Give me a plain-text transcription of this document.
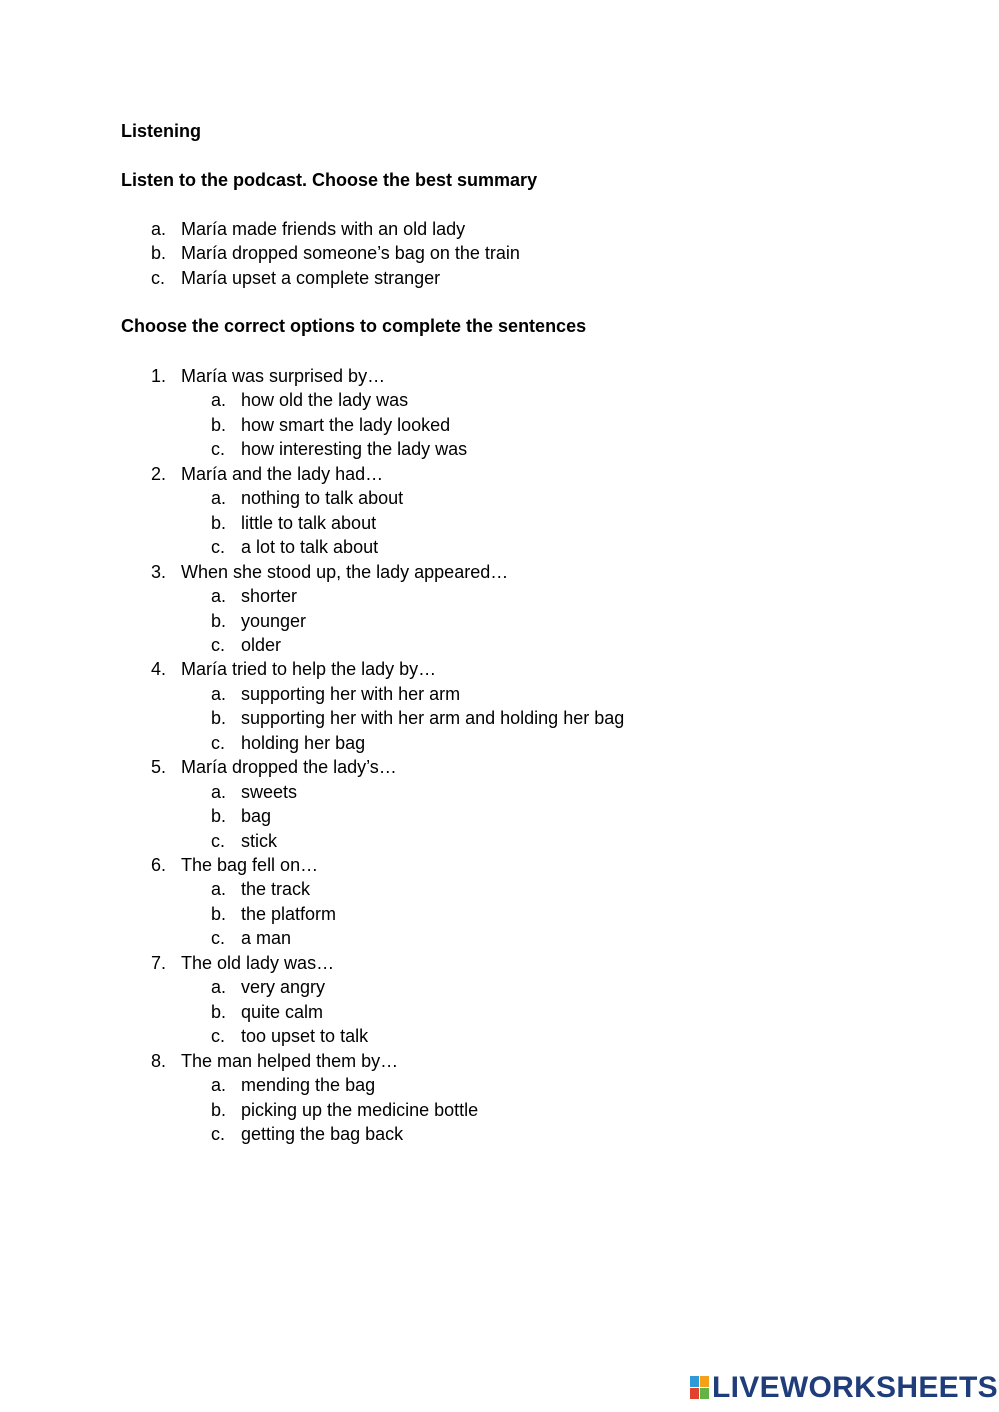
Listening
Listen to the podcast. Choose the best summary
a. María made friends with an old lady
b. María dropped someone’s bag on the train
c. María upset a complete stranger
Choose the correct options to complete the sentences
1. María was surprised by…
a. how old the lady was
b. how smart the lady looked
c. how interesting the lady was
2. María and the lady had…
a. nothing to talk about
b. little to talk about
c. a lot to talk about
3. When she stood up, the lady appeared…
a. shorter
b. younger
c. older
4. María tried to help the lady by…
a. supporting her with her arm
b. supporting her with her arm and holding her bag
c. holding her bag
5. María dropped the lady’s…
a. sweets
b. bag
c. stick
6. The bag fell on…
a. the track
b. the platform
c. a man
7. The old lady was…
a. very angry
b. quite calm
c. too upset to talk
8. The man helped them by…
a. mending the bag
b. picking up the medicine bottle
c. getting the bag back
LIVEWORKSHEETS
